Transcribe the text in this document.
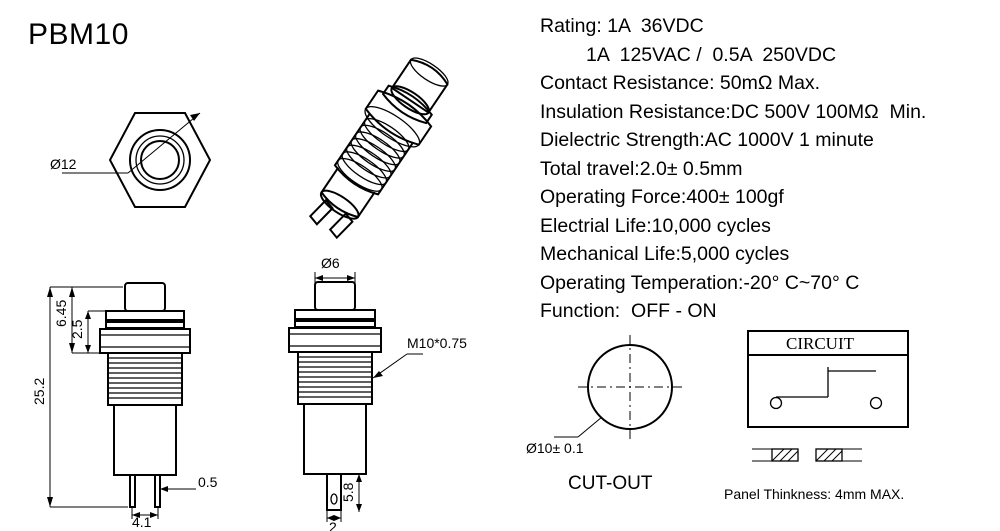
PBM10	Rating: 1A  36VDC
1A  125VAC /  0.5A  250VDC
Contact Resistance: 50mΩ Max.
Insulation Resistance:DC 500V 100MΩ  Min.
Dielectric Strength:AC 1000V 1 minute
Total travel:2.0± 0.5mm
Operating Force:400± 100gf
Electrial Life:10,000 cycles
Mechanical Life:5,000 cycles
Operating Temperation:-20° C~70° C
Function:  OFF - ON
Ø12
25.2
6.45
2.5
0.5
4.1
Ø6
M10*0.75
5.8
2
Ø10± 0.1
CUT-OUT
CIRCUIT
Panel Thinkness: 4mm MAX.
